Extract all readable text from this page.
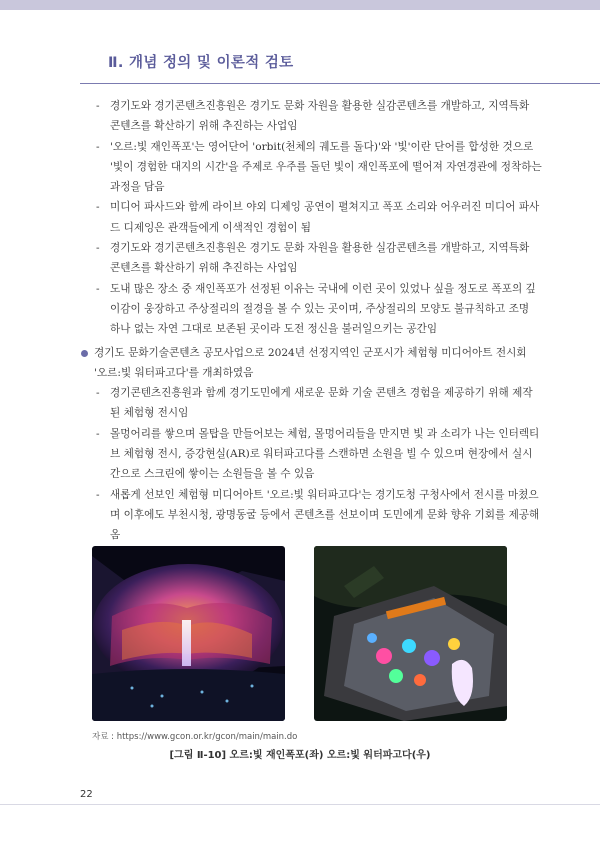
Ⅱ. 개념 정의 및 이론적 검토
- 경기도와 경기콘텐츠진흥원은 경기도 문화 자원을 활용한 실감콘텐츠를 개발하고, 지역특화 콘텐츠를 확산하기 위해 추진하는 사업임
- '오르:빛 재인폭포'는 영어단어 'orbit(천체의 궤도를 돌다)'와 '빛'이란 단어를 합성한 것으로 '빛이 경험한 대지의 시간'을 주제로 우주를 돌던 빛이 재인폭포에 떨어져 자연경관에 정착하는 과정을 담음
- 미디어 파사드와 함께 라이브 야외 디제잉 공연이 펼쳐지고 폭포 소리와 어우러진 미디어 파사드 디제잉은 관객들에게 이색적인 경험이 됨
- 경기도와 경기콘텐츠진흥원은 경기도 문화 자원을 활용한 실감콘텐츠를 개발하고, 지역특화 콘텐츠를 확산하기 위해 추진하는 사업임
- 도내 많은 장소 중 재인폭포가 선정된 이유는 국내에 이런 곳이 있었나 싶을 정도로 폭포의 깊이감이 웅장하고 주상절리의 절경을 볼 수 있는 곳이며, 주상절리의 모양도 불규칙하고 조명 하나 없는 자연 그대로 보존된 곳이라 도전 정신을 불러일으키는 공간임
경기도 문화기술콘텐츠 공모사업으로 2024년 선정지역인 군포시가 체험형 미디어아트 전시회 '오르:빛 워터파고다'를 개최하였음
- 경기콘텐츠진흥원과 함께 경기도민에게 새로운 문화 기술 콘텐츠 경험을 제공하기 위해 제작된 체험형 전시임
- 몰멍어리를 쌓으며 몰탑을 만들어보는 체험, 몰멍어리들을 만지면 빛 과 소리가 나는 인터렉티브 체험형 전시, 증강현실(AR)로 워터파고다를 스캔하면 소원을 빌 수 있으며 현장에서 실시간으로 스크린에 쌓이는 소원들을 볼 수 있음
- 새롭게 선보인 체험형 미디어아트 '오르:빛 워터파고다'는 경기도청 구청사에서 전시를 마쳤으며 이후에도 부천시청, 광명동굴 등에서 콘텐츠를 선보이며 도민에게 문화 향유 기회를 제공해옴
자료 : https://www.gcon.or.kr/gcon/main/main.do
[그림 Ⅱ-10] 오르:빛 재인폭포(좌) 오르:빛 워터파고다(우)
22
